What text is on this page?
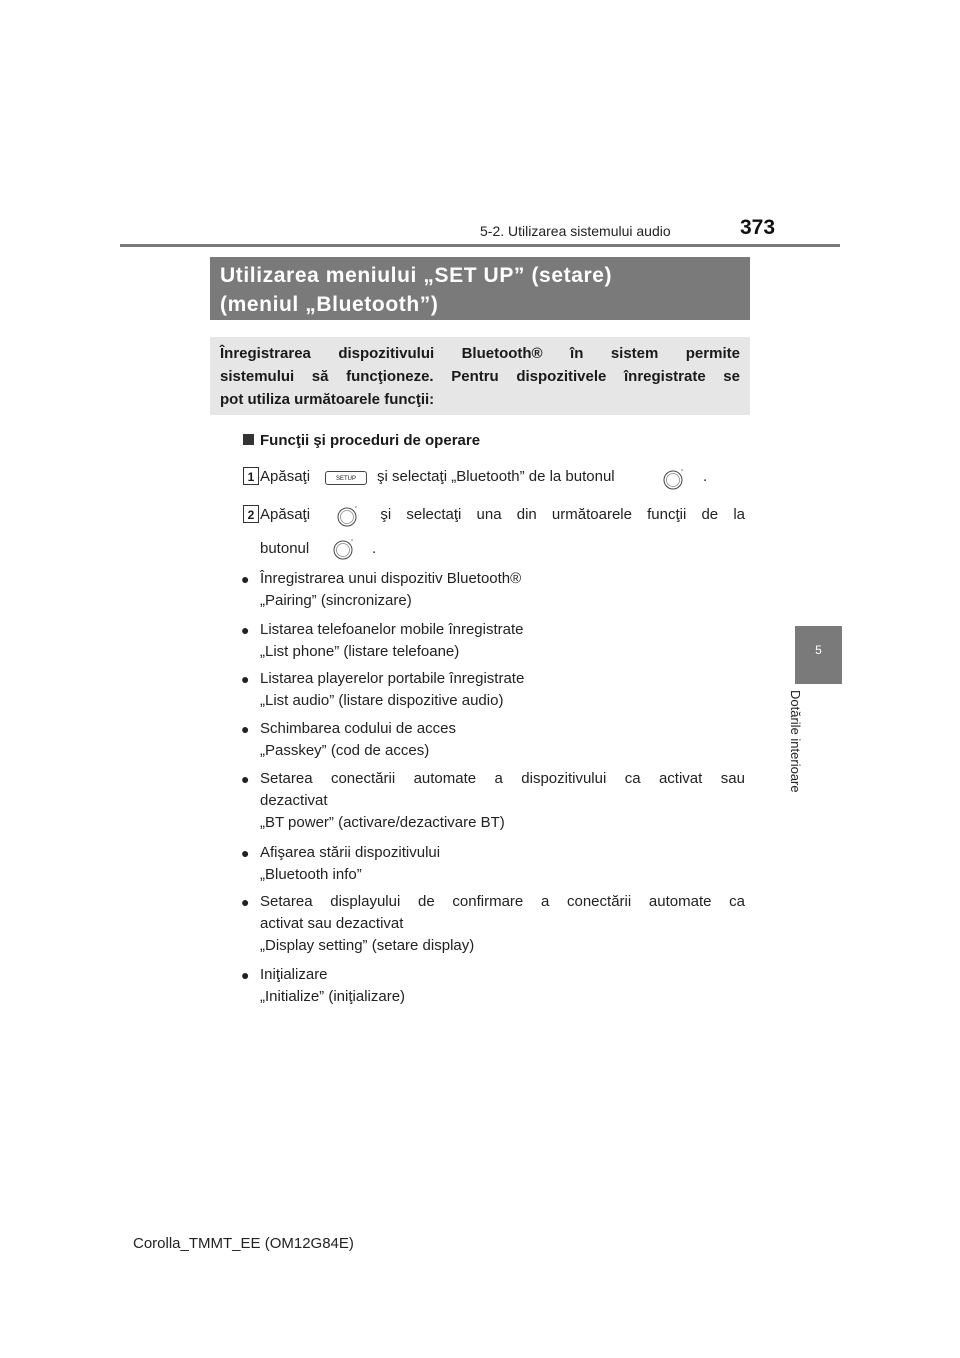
5-2. Utilizarea sistemului audio	373
5
Dotările interioare
Utilizarea meniului „SET UP” (setare)
(meniul „Bluetooth”)
Înregistrarea dispozitivului Bluetooth® în sistem permite
sistemului să funcţioneze. Pentru dispozitivele înregistrate se
pot utiliza următoarele funcţii:
Funcţii şi proceduri de operare
1 Apăsaţi	SETUP	şi selectaţi „Bluetooth” de la butonul	.
2 Apăsaţi	şi selectaţi una din următoarele funcţii de la
butonul	.
● Înregistrarea unui dispozitiv Bluetooth®
„Pairing” (sincronizare)
● Listarea telefoanelor mobile înregistrate
„List phone” (listare telefoane)
● Listarea playerelor portabile înregistrate
„List audio” (listare dispozitive audio)
● Schimbarea codului de acces
„Passkey” (cod de acces)
● Setarea conectării automate a dispozitivului ca activat sau
dezactivat
„BT power” (activare/dezactivare BT)
● Afişarea stării dispozitivului
„Bluetooth info”
● Setarea displayului de confirmare a conectării automate ca
activat sau dezactivat
„Display setting” (setare display)
● Iniţializare
„Initialize” (iniţializare)
Corolla_TMMT_EE (OM12G84E)
